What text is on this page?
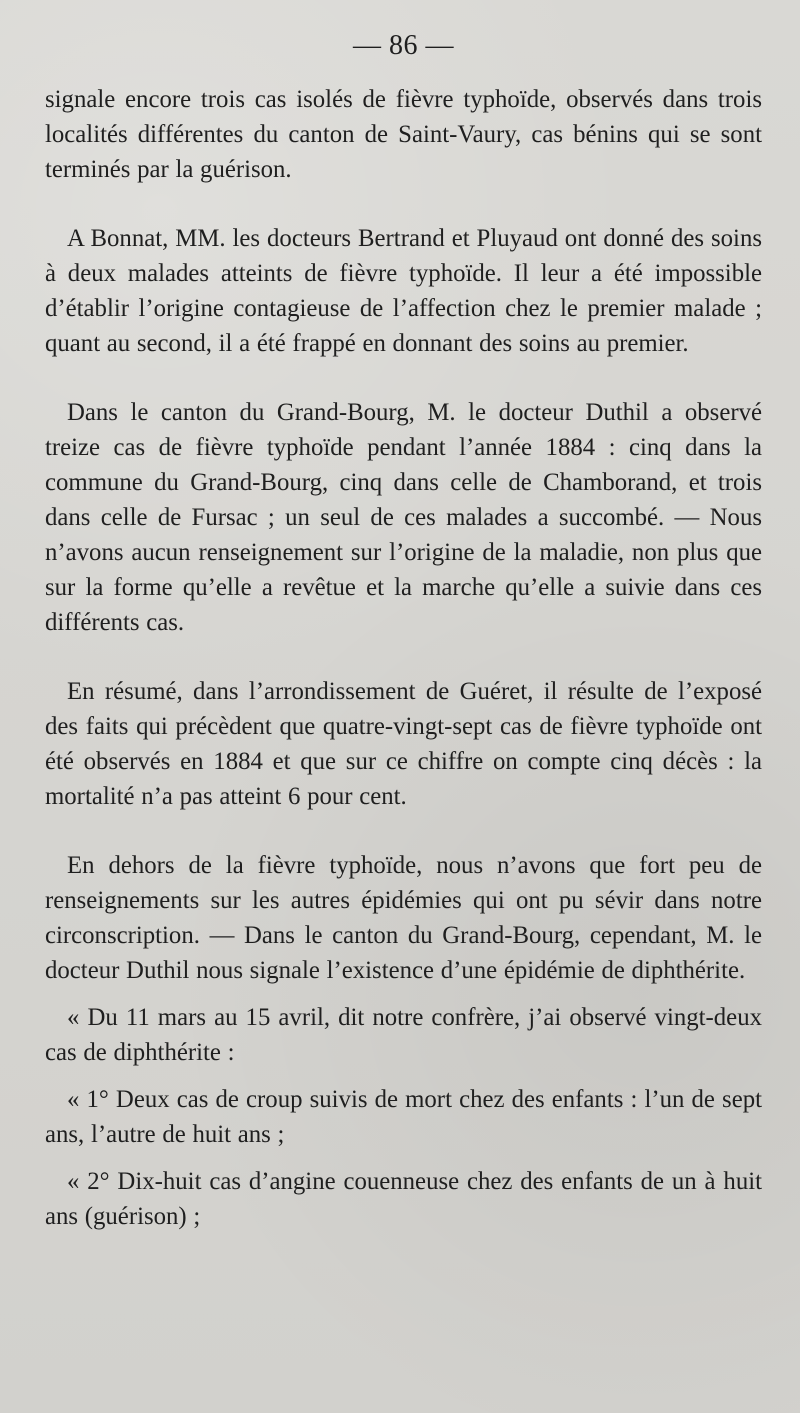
— 86 —

signale encore trois cas isolés de fièvre typhoïde, observés dans trois localités différentes du canton de Saint-Vaury, cas bénins qui se sont terminés par la guérison.

A Bonnat, MM. les docteurs Bertrand et Pluyaud ont donné des soins à deux malades atteints de fièvre typhoïde. Il leur a été impossible d’établir l’origine contagieuse de l’affection chez le premier malade ; quant au second, il a été frappé en donnant des soins au premier.

Dans le canton du Grand-Bourg, M. le docteur Duthil a observé treize cas de fièvre typhoïde pendant l’année 1884 : cinq dans la commune du Grand-Bourg, cinq dans celle de Chamborand, et trois dans celle de Fursac ; un seul de ces malades a succombé. — Nous n’avons aucun renseignement sur l’origine de la maladie, non plus que sur la forme qu’elle a revêtue et la marche qu’elle a suivie dans ces différents cas.

En résumé, dans l’arrondissement de Guéret, il résulte de l’exposé des faits qui précèdent que quatre-vingt-sept cas de fièvre typhoïde ont été observés en 1884 et que sur ce chiffre on compte cinq décès : la mortalité n’a pas atteint 6 pour cent.

En dehors de la fièvre typhoïde, nous n’avons que fort peu de renseignements sur les autres épidémies qui ont pu sévir dans notre circonscription. — Dans le canton du Grand-Bourg, cependant, M. le docteur Duthil nous signale l’existence d’une épidémie de diphthérite.

« Du 11 mars au 15 avril, dit notre confrère, j’ai observé vingt-deux cas de diphthérite :

« 1° Deux cas de croup suivis de mort chez des enfants : l’un de sept ans, l’autre de huit ans ;

« 2° Dix-huit cas d’angine couenneuse chez des enfants de un à huit ans (guérison) ;
